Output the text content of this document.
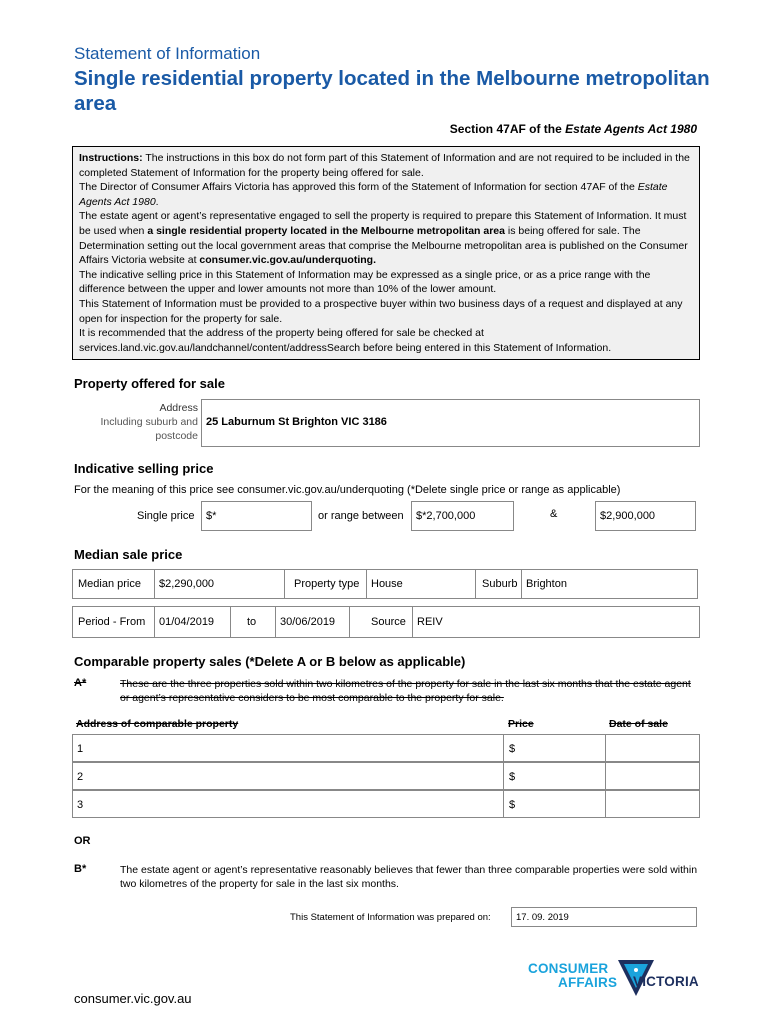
Statement of Information
Single residential property located in the Melbourne metropolitan area
Section 47AF of the Estate Agents Act 1980

Instructions: The instructions in this box do not form part of this Statement of Information and are not required to be included in the completed Statement of Information for the property being offered for sale.

The Director of Consumer Affairs Victoria has approved this form of the Statement of Information for section 47AF of the Estate Agents Act 1980.

The estate agent or agent’s representative engaged to sell the property is required to prepare this Statement of Information. It must be used when a single residential property located in the Melbourne metropolitan area is being offered for sale. The Determination setting out the local government areas that comprise the Melbourne metropolitan area is published on the Consumer Affairs Victoria website at consumer.vic.gov.au/underquoting.

The indicative selling price in this Statement of Information may be expressed as a single price, or as a price range with the difference between the upper and lower amounts not more than 10% of the lower amount.

This Statement of Information must be provided to a prospective buyer within two business days of a request and displayed at any open for inspection for the property for sale.

It is recommended that the address of the property being offered for sale be checked at services.land.vic.gov.au/landchannel/content/addressSearch before being entered in this Statement of Information.

Property offered for sale
Address
Including suburb and
postcode
25 Laburnum St Brighton VIC 3186
Indicative selling price
For the meaning of this price see consumer.vic.gov.au/underquoting (*Delete single price or range as applicable)
Single price	$*	or range between	$*2,700,000	&	$2,900,000
Median sale price
Median price	$2,290,000	Property type	House	Suburb Brighton
Period - From	01/04/2019	to	30/06/2019	Source	REIV
Comparable property sales (*Delete A or B below as applicable)
A*	These are the three properties sold within two kilometres of the property for sale in the last six months that the estate agent or agent’s representative considers to be most comparable to the property for sale.
Address of comparable property	Price	Date of sale
1	$
2	$
3	$
OR
B*	The estate agent or agent’s representative reasonably believes that fewer than three comparable properties were sold within two kilometres of the property for sale in the last six months.
This Statement of Information was prepared on:	17. 09. 2019
CONSUMER
AFFAIRS VICTORIA
consumer.vic.gov.au
